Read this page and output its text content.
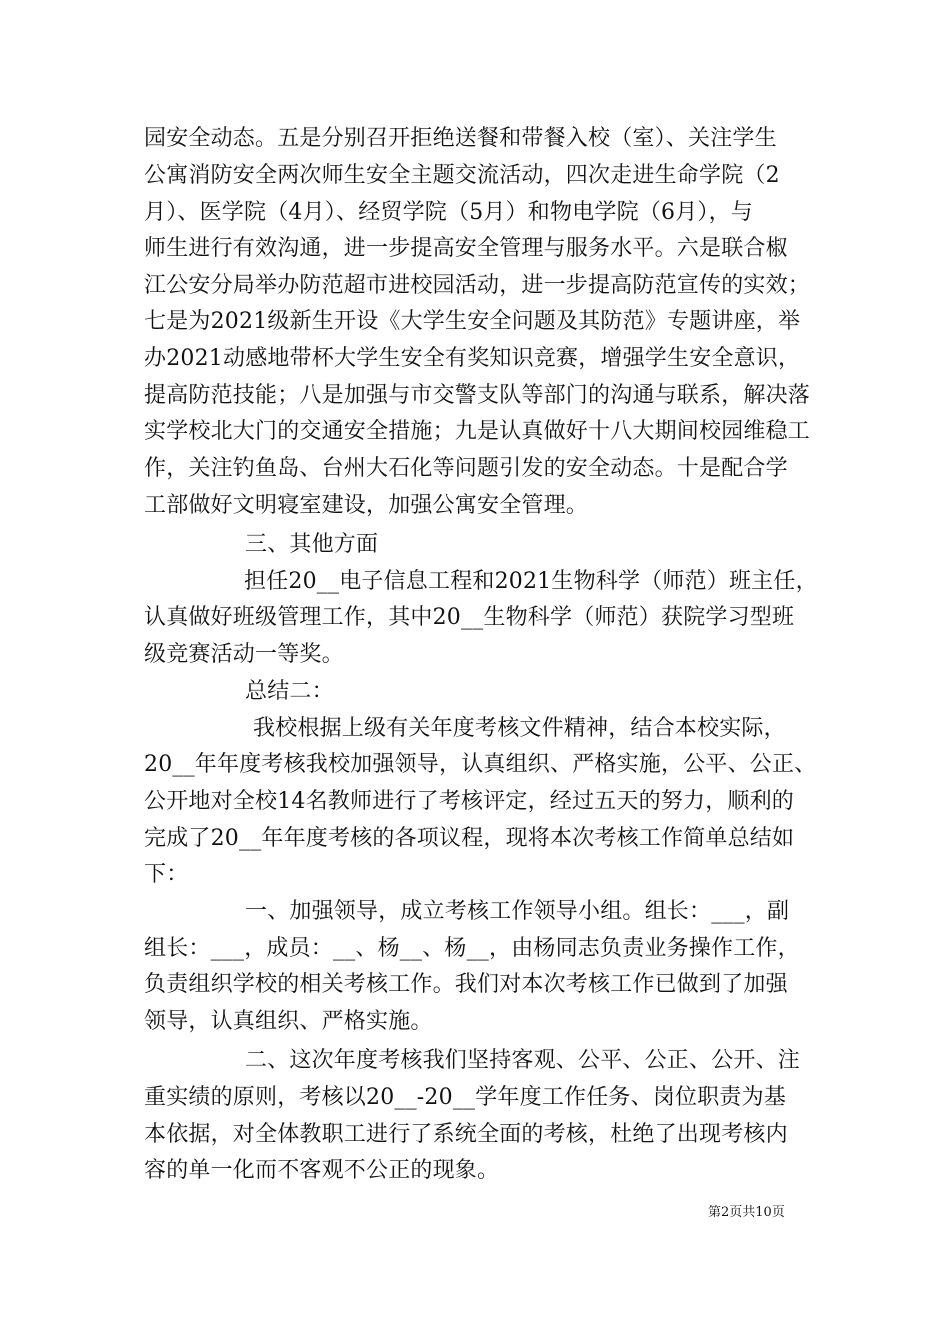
园安全动态。五是分别召开拒绝送餐和带餐入校（室）、关注学生
公寓消防安全两次师生安全主题交流活动，四次走进生命学院（2
月）、医学院（4月）、经贸学院（5月）和物电学院（6月），与
师生进行有效沟通，进一步提高安全管理与服务水平。六是联合椒
江公安分局举办防范超市进校园活动，进一步提高防范宣传的实效；
七是为2021级新生开设《大学生安全问题及其防范》专题讲座，举
办2021动感地带杯大学生安全有奖知识竞赛，增强学生安全意识，
提高防范技能；八是加强与市交警支队等部门的沟通与联系，解决落
实学校北大门的交通安全措施；九是认真做好十八大期间校园维稳工
作，关注钓鱼岛、台州大石化等问题引发的安全动态。十是配合学
工部做好文明寝室建设，加强公寓安全管理。
三、其他方面
担任20__电子信息工程和2021生物科学（师范）班主任，
认真做好班级管理工作，其中20__生物科学（师范）获院学习型班
级竞赛活动一等奖。
总结二：
我校根据上级有关年度考核文件精神，结合本校实际，
20__年年度考核我校加强领导，认真组织、严格实施，公平、公正、
公开地对全校14名教师进行了考核评定，经过五天的努力，顺利的
完成了20__年年度考核的各项议程，现将本次考核工作简单总结如
下：
一、加强领导，成立考核工作领导小组。组长：___，副
组长：___，成员：__、杨__、杨__，由杨同志负责业务操作工作，
负责组织学校的相关考核工作。我们对本次考核工作已做到了加强
领导，认真组织、严格实施。
二、这次年度考核我们坚持客观、公平、公正、公开、注
重实绩的原则，考核以20__-20__学年度工作任务、岗位职责为基
本依据，对全体教职工进行了系统全面的考核，杜绝了出现考核内
容的单一化而不客观不公正的现象。
第2页共10页
